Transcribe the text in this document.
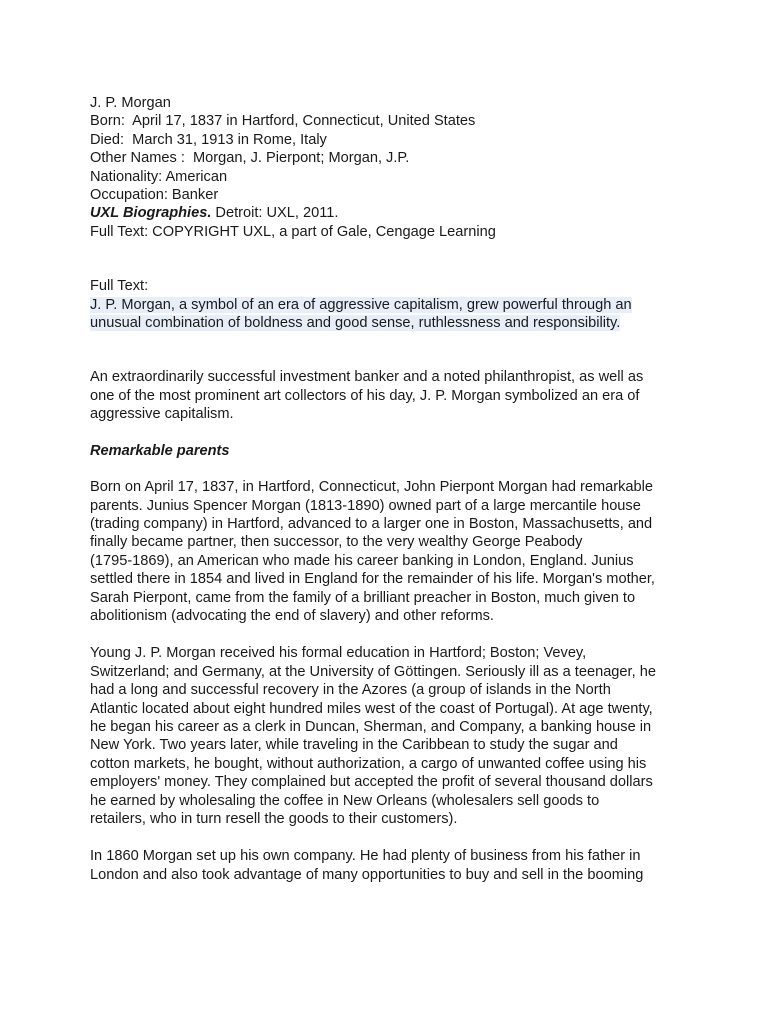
J. P. Morgan
Born:  April 17, 1837 in Hartford, Connecticut, United States
Died:  March 31, 1913 in Rome, Italy
Other Names :  Morgan, J. Pierpont; Morgan, J.P.
Nationality: American
Occupation: Banker
UXL Biographies. Detroit: UXL, 2011.
Full Text: COPYRIGHT UXL, a part of Gale, Cengage Learning
Full Text:
J. P. Morgan, a symbol of an era of aggressive capitalism, grew powerful through an
unusual combination of boldness and good sense, ruthlessness and responsibility.
An extraordinarily successful investment banker and a noted philanthropist, as well as
one of the most prominent art collectors of his day, J. P. Morgan symbolized an era of
aggressive capitalism.
Remarkable parents
Born on April 17, 1837, in Hartford, Connecticut, John Pierpont Morgan had remarkable
parents. Junius Spencer Morgan (1813-1890) owned part of a large mercantile house
(trading company) in Hartford, advanced to a larger one in Boston, Massachusetts, and
finally became partner, then successor, to the very wealthy George Peabody
(1795-1869), an American who made his career banking in London, England. Junius
settled there in 1854 and lived in England for the remainder of his life. Morgan's mother,
Sarah Pierpont, came from the family of a brilliant preacher in Boston, much given to
abolitionism (advocating the end of slavery) and other reforms.
Young J. P. Morgan received his formal education in Hartford; Boston; Vevey,
Switzerland; and Germany, at the University of Göttingen. Seriously ill as a teenager, he
had a long and successful recovery in the Azores (a group of islands in the North
Atlantic located about eight hundred miles west of the coast of Portugal). At age twenty,
he began his career as a clerk in Duncan, Sherman, and Company, a banking house in
New York. Two years later, while traveling in the Caribbean to study the sugar and
cotton markets, he bought, without authorization, a cargo of unwanted coffee using his
employers' money. They complained but accepted the profit of several thousand dollars
he earned by wholesaling the coffee in New Orleans (wholesalers sell goods to
retailers, who in turn resell the goods to their customers).
In 1860 Morgan set up his own company. He had plenty of business from his father in
London and also took advantage of many opportunities to buy and sell in the booming
